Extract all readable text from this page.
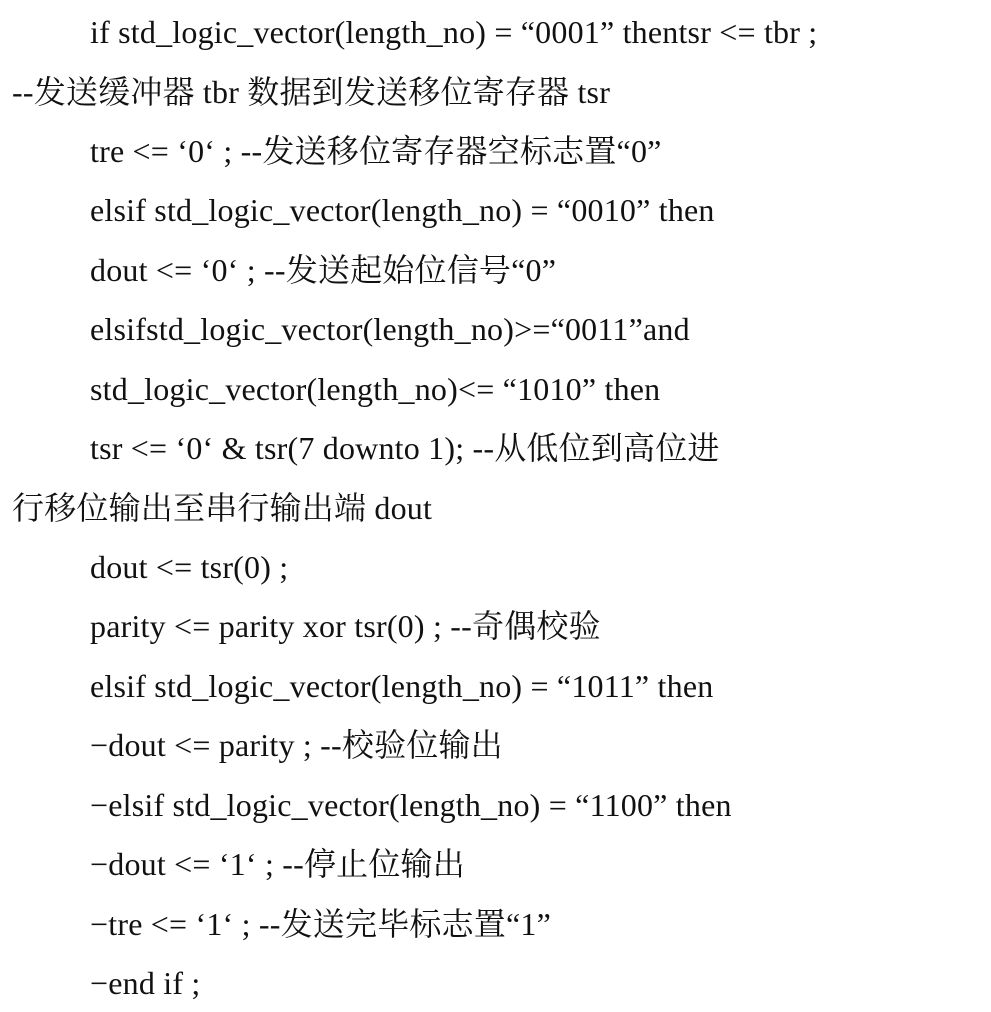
if std_logic_vector(length_no) = “0001” thentsr <= tbr ;
--发送缓冲器 tbr 数据到发送移位寄存器 tsr
tre <= ‘0‘ ; --发送移位寄存器空标志置“0”
elsif std_logic_vector(length_no) = “0010” then
dout <= ‘0‘ ; --发送起始位信号“0”
elsifstd_logic_vector(length_no)>=“0011”and
std_logic_vector(length_no)<= “1010” then
tsr <= ‘0‘ & tsr(7 downto 1); --从低位到高位进
行移位输出至串行输出端 dout
dout <= tsr(0) ;
parity <= parity xor tsr(0) ; --奇偶校验
elsif std_logic_vector(length_no) = “1011” then
−dout <= parity ; --校验位输出
−elsif std_logic_vector(length_no) = “1100” then
−dout <= ‘1‘ ; --停止位输出
−tre <= ‘1‘ ; --发送完毕标志置“1”
−end if ;
